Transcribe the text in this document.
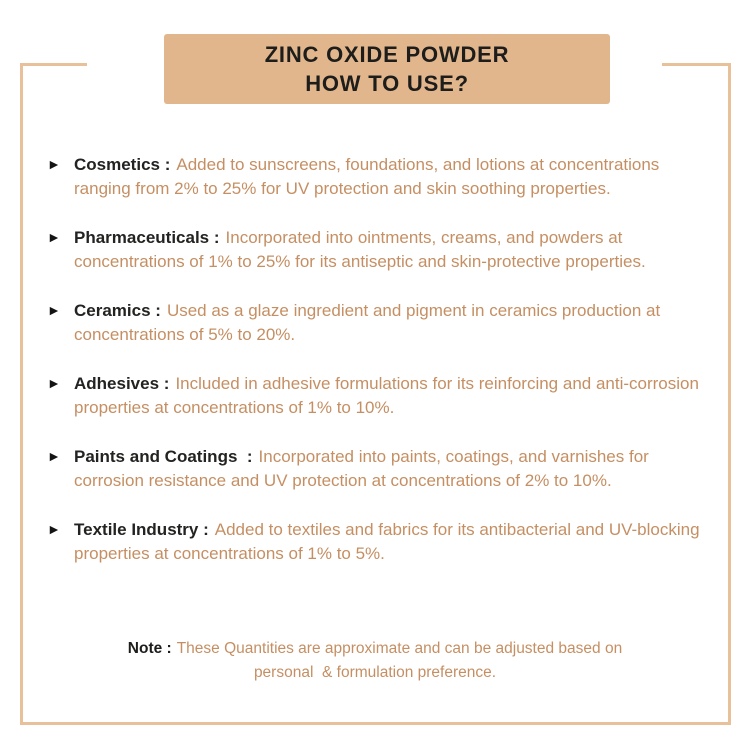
ZINC OXIDE POWDER
HOW TO USE?
► Cosmetics : Added to sunscreens, foundations, and lotions at concentrations ranging from 2% to 25% for UV protection and skin soothing properties.

► Pharmaceuticals : Incorporated into ointments, creams, and powders at concentrations of 1% to 25% for its antiseptic and skin-protective properties.

► Ceramics : Used as a glaze ingredient and pigment in ceramics production at concentrations of 5% to 20%.

► Adhesives : Included in adhesive formulations for its reinforcing and anti-corrosion properties at concentrations of 1% to 10%.

► Paints and Coatings  : Incorporated into paints, coatings, and varnishes for corrosion resistance and UV protection at concentrations of 2% to 10%.

► Textile Industry : Added to textiles and fabrics for its antibacterial and UV-blocking properties at concentrations of 1% to 5%.

Note : These Quantities are approximate and can be adjusted based on personal  & formulation preference.
